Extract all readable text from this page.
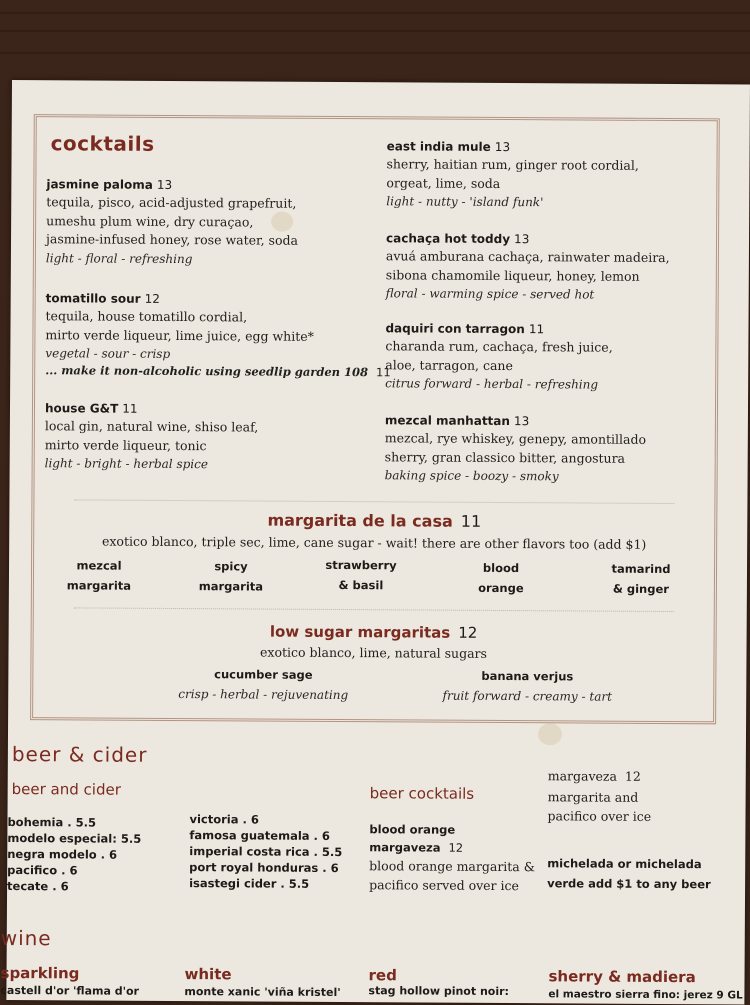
cocktails
jasmine paloma 13
tequila, pisco, acid-adjusted grapefruit,
umeshu plum wine, dry curaçao,
jasmine-infused honey, rose water, soda
light - floral - refreshing
tomatillo sour 12
tequila, house tomatillo cordial,
mirto verde liqueur, lime juice, egg white*
vegetal - sour - crisp
... make it non-alcoholic using seedlip garden 108 11
house G&T 11
local gin, natural wine, shiso leaf,
mirto verde liqueur, tonic
light - bright - herbal spice
east india mule 13
sherry, haitian rum, ginger root cordial,
orgeat, lime, soda
light - nutty - 'island funk'
cachaça hot toddy 13
avuá amburana cachaça, rainwater madeira,
sibona chamomile liqueur, honey, lemon
floral - warming spice - served hot
daquiri con tarragon 11
charanda rum, cachaça, fresh juice,
aloe, tarragon, cane
citrus forward - herbal - refreshing
mezcal manhattan 13
mezcal, rye whiskey, genepy, amontillado
sherry, gran classico bitter, angostura
baking spice - boozy - smoky
margarita de la casa 11
exotico blanco, triple sec, lime, cane sugar - wait! there are other flavors too (add $1)
mezcal
margarita
spicy
margarita
strawberry
& basil
blood
orange
tamarind
& ginger
low sugar margaritas 12
exotico blanco, lime, natural sugars
cucumber sage
crisp - herbal - rejuvenating
banana verjus
fruit forward - creamy - tart
beer & cider
beer and cider
bohemia . 5.5
modelo especial: 5.5
negra modelo . 6
pacifico . 6
tecate . 6
victoria . 6
famosa guatemala . 6
imperial costa rica . 5.5
port royal honduras . 6
isastegi cider . 5.5
beer cocktails
blood orange
margaveza 12
blood orange margarita &
pacifico served over ice
margaveza 12
margarita and
pacifico over ice
michelada or michelada
verde add $1 to any beer
wine
sparkling
castell d'or 'flama d'or
white
monte xanic 'viña kristel'
red
stag hollow pinot noir:
sherry & madiera
el maestro sierra fino: jerez 9 GL
